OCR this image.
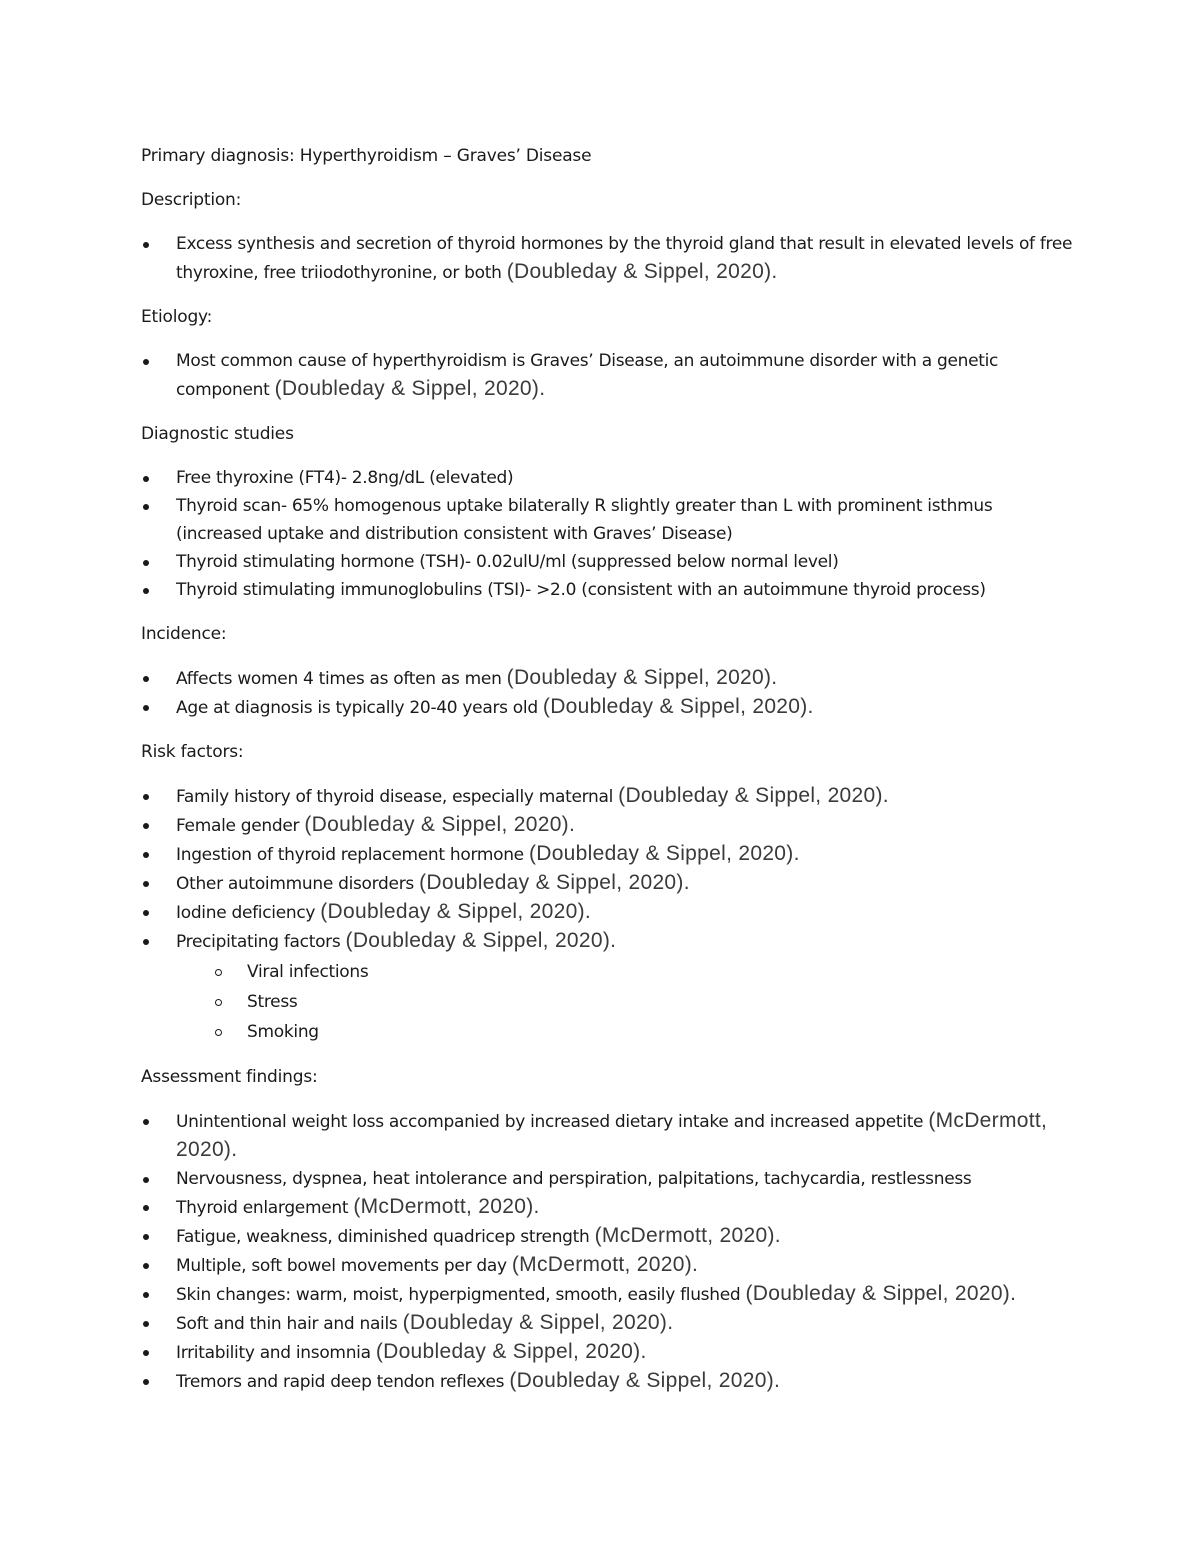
Primary diagnosis: Hyperthyroidism – Graves’ Disease

Description:

Excess synthesis and secretion of thyroid hormones by the thyroid gland that result in elevated levels of free thyroxine, free triiodothyronine, or both (Doubleday & Sippel, 2020).

Etiology:

Most common cause of hyperthyroidism is Graves’ Disease, an autoimmune disorder with a genetic component (Doubleday & Sippel, 2020).

Diagnostic studies

Free thyroxine (FT4)- 2.8ng/dL (elevated)
Thyroid scan- 65% homogenous uptake bilaterally R slightly greater than L with prominent isthmus (increased uptake and distribution consistent with Graves’ Disease)
Thyroid stimulating hormone (TSH)- 0.02ulU/ml (suppressed below normal level)
Thyroid stimulating immunoglobulins (TSI)- >2.0 (consistent with an autoimmune thyroid process)

Incidence:

Affects women 4 times as often as men (Doubleday & Sippel, 2020).
Age at diagnosis is typically 20-40 years old (Doubleday & Sippel, 2020).

Risk factors:

Family history of thyroid disease, especially maternal (Doubleday & Sippel, 2020).
Female gender (Doubleday & Sippel, 2020).
Ingestion of thyroid replacement hormone (Doubleday & Sippel, 2020).
Other autoimmune disorders (Doubleday & Sippel, 2020).
Iodine deficiency (Doubleday & Sippel, 2020).
Precipitating factors (Doubleday & Sippel, 2020).
Viral infections
Stress
Smoking

Assessment findings:

Unintentional weight loss accompanied by increased dietary intake and increased appetite (McDermott, 2020).
Nervousness, dyspnea, heat intolerance and perspiration, palpitations, tachycardia, restlessness
Thyroid enlargement (McDermott, 2020).
Fatigue, weakness, diminished quadricep strength (McDermott, 2020).
Multiple, soft bowel movements per day (McDermott, 2020).
Skin changes: warm, moist, hyperpigmented, smooth, easily flushed (Doubleday & Sippel, 2020).
Soft and thin hair and nails (Doubleday & Sippel, 2020).
Irritability and insomnia (Doubleday & Sippel, 2020).
Tremors and rapid deep tendon reflexes (Doubleday & Sippel, 2020).
